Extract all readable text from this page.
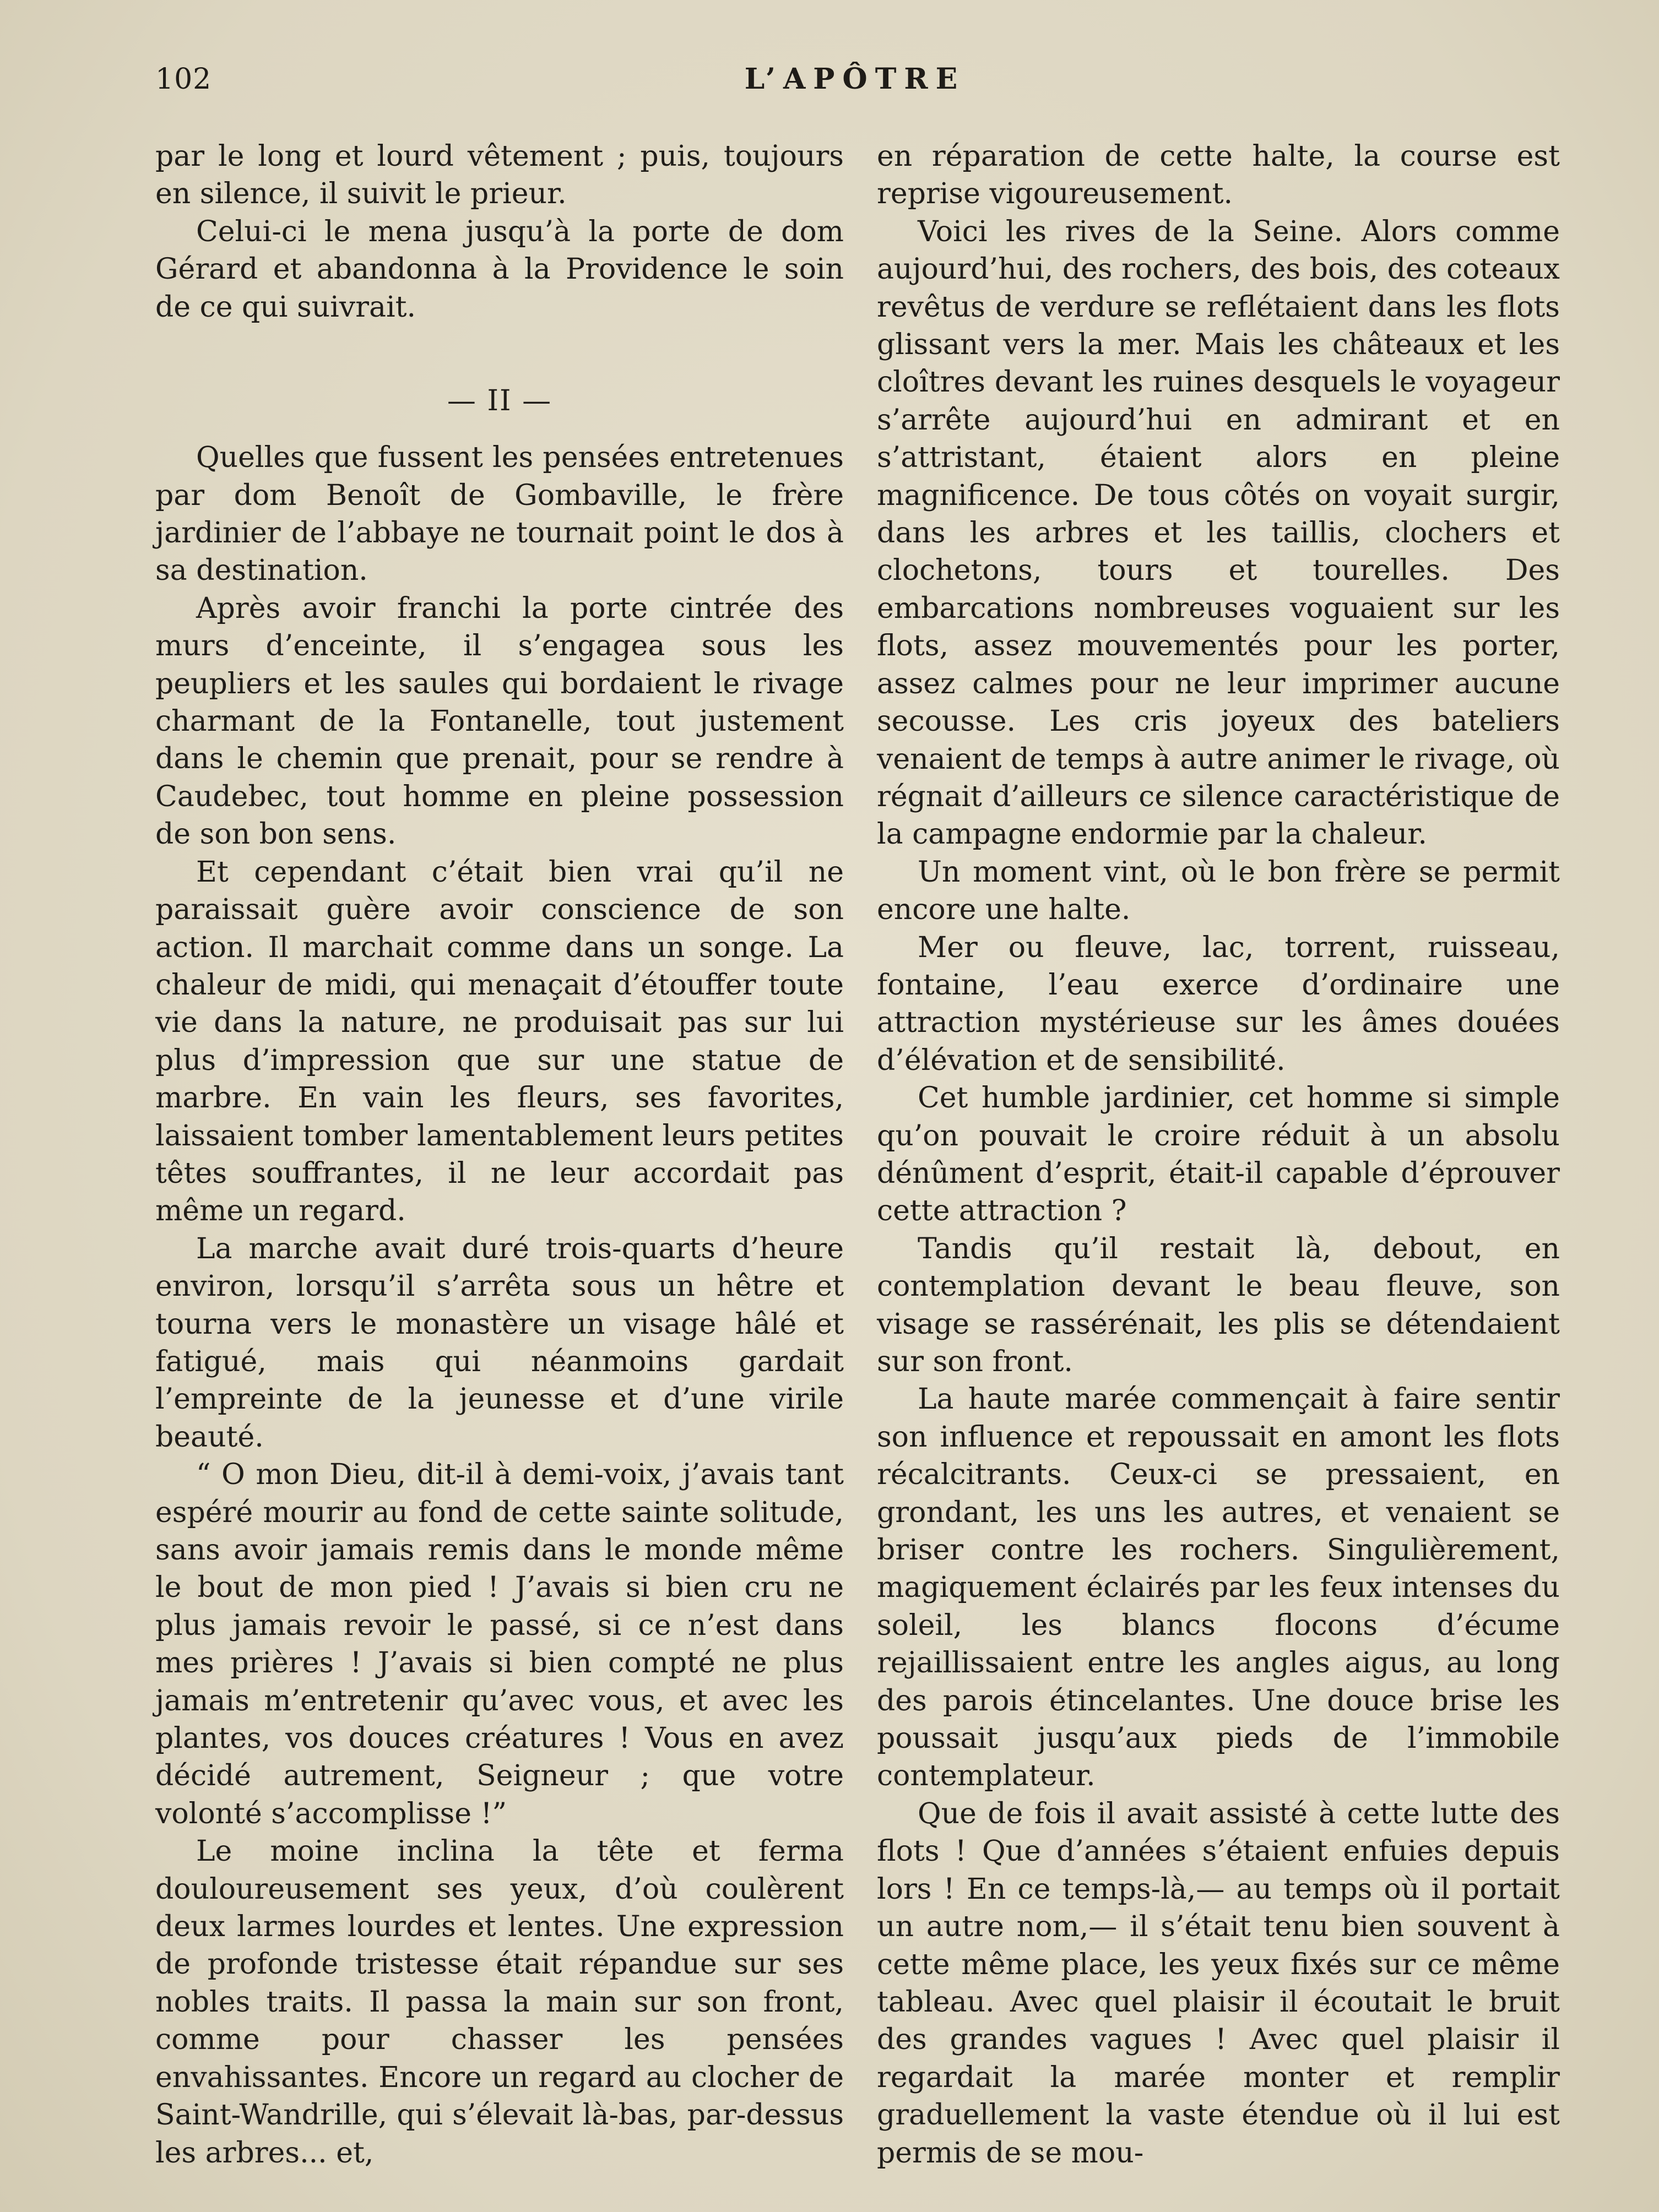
102	L’APÔTRE

par le long et lourd vêtement ; puis, toujours en silence, il suivit le prieur.

Celui-ci le mena jusqu’à la porte de dom Gérard et abandonna à la Providence le soin de ce qui suivrait.

— II —

Quelles que fussent les pensées entretenues par dom Benoît de Gombaville, le frère jardinier de l’abbaye ne tournait point le dos à sa destination.

Après avoir franchi la porte cintrée des murs d’enceinte, il s’engagea sous les peupliers et les saules qui bordaient le rivage charmant de la Fontanelle, tout justement dans le chemin que prenait, pour se rendre à Caudebec, tout homme en pleine possession de son bon sens.

Et cependant c’était bien vrai qu’il ne paraissait guère avoir conscience de son action. Il marchait comme dans un songe. La chaleur de midi, qui menaçait d’étouffer toute vie dans la nature, ne produisait pas sur lui plus d’impression que sur une statue de marbre. En vain les fleurs, ses favorites, laissaient tomber lamentablement leurs petites têtes souffrantes, il ne leur accordait pas même un regard.

La marche avait duré trois-quarts d’heure environ, lorsqu’il s’arrêta sous un hêtre et tourna vers le monastère un visage hâlé et fatigué, mais qui néanmoins gardait l’empreinte de la jeunesse et d’une virile beauté.

“ O mon Dieu, dit-il à demi-voix, j’avais tant espéré mourir au fond de cette sainte solitude, sans avoir jamais remis dans le monde même le bout de mon pied ! J’avais si bien cru ne plus jamais revoir le passé, si ce n’est dans mes prières ! J’avais si bien compté ne plus jamais m’entretenir qu’avec vous, et avec les plantes, vos douces créatures ! Vous en avez décidé autrement, Seigneur ; que votre volonté s’accomplisse !”

Le moine inclina la tête et ferma douloureusement ses yeux, d’où coulèrent deux larmes lourdes et lentes. Une expression de profonde tristesse était répandue sur ses nobles traits. Il passa la main sur son front, comme pour chasser les pensées envahissantes. Encore un regard au clocher de Saint-Wandrille, qui s’élevait là-bas, par-dessus les arbres... et,

en réparation de cette halte, la course est reprise vigoureusement.

Voici les rives de la Seine. Alors comme aujourd’hui, des rochers, des bois, des coteaux revêtus de verdure se reflétaient dans les flots glissant vers la mer. Mais les châteaux et les cloîtres devant les ruines desquels le voyageur s’arrête aujourd’hui en admirant et en s’attristant, étaient alors en pleine magnificence. De tous côtés on voyait surgir, dans les arbres et les taillis, clochers et clochetons, tours et tourelles. Des embarcations nombreuses voguaient sur les flots, assez mouvementés pour les porter, assez calmes pour ne leur imprimer aucune secousse. Les cris joyeux des bateliers venaient de temps à autre animer le rivage, où régnait d’ailleurs ce silence caractéristique de la campagne endormie par la chaleur.

Un moment vint, où le bon frère se permit encore une halte.

Mer ou fleuve, lac, torrent, ruisseau, fontaine, l’eau exerce d’ordinaire une attraction mystérieuse sur les âmes douées d’élévation et de sensibilité.

Cet humble jardinier, cet homme si simple qu’on pouvait le croire réduit à un absolu dénûment d’esprit, était-il capable d’éprouver cette attraction ?

Tandis qu’il restait là, debout, en contemplation devant le beau fleuve, son visage se rassérénait, les plis se détendaient sur son front.

La haute marée commençait à faire sentir son influence et repoussait en amont les flots récalcitrants. Ceux-ci se pressaient, en grondant, les uns les autres, et venaient se briser contre les rochers. Singulièrement, magiquement éclairés par les feux intenses du soleil, les blancs flocons d’écume rejaillissaient entre les angles aigus, au long des parois étincelantes. Une douce brise les poussait jusqu’aux pieds de l’immobile contemplateur.

Que de fois il avait assisté à cette lutte des flots ! Que d’années s’étaient enfuies depuis lors ! En ce temps-là,— au temps où il portait un autre nom,— il s’était tenu bien souvent à cette même place, les yeux fixés sur ce même tableau. Avec quel plaisir il écoutait le bruit des grandes vagues ! Avec quel plaisir il regardait la marée monter et remplir graduellement la vaste étendue où il lui est permis de se mou-
